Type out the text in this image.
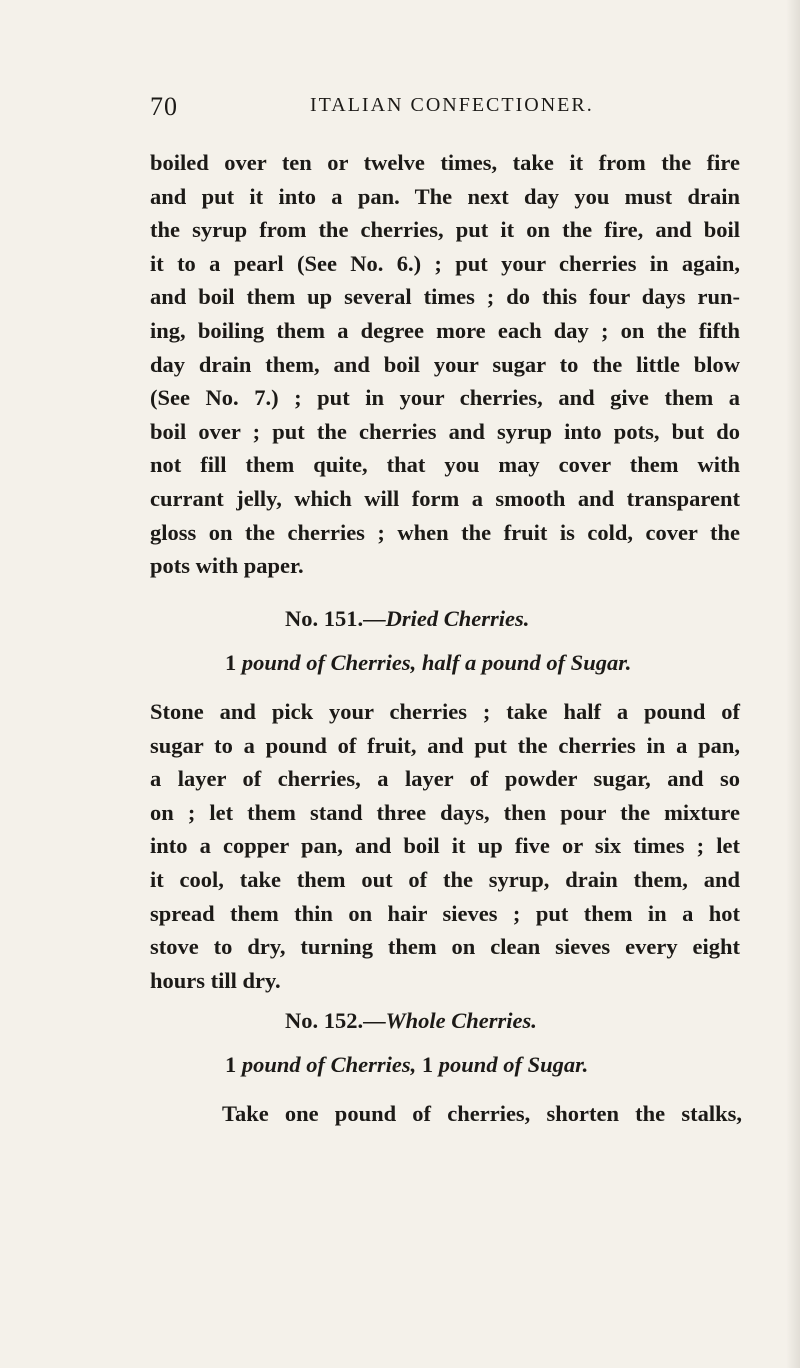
70	ITALIAN CONFECTIONER.
boiled over ten or twelve times, take it from the fire
and put it into a pan. The next day you must drain
the syrup from the cherries, put it on the fire, and boil
it to a pearl (See No. 6.) ; put your cherries in again,
and boil them up several times ; do this four days run-
ing, boiling them a degree more each day ; on the fifth
day drain them, and boil your sugar to the little blow
(See No. 7.) ; put in your cherries, and give them a
boil over ; put the cherries and syrup into pots, but do
not fill them quite, that you may cover them with
currant jelly, which will form a smooth and transparent
gloss on the cherries ; when the fruit is cold, cover the
pots with paper.
No. 151.—Dried Cherries.
1 pound of Cherries, half a pound of Sugar.
Stone and pick your cherries ; take half a pound of
sugar to a pound of fruit, and put the cherries in a pan,
a layer of cherries, a layer of powder sugar, and so
on ; let them stand three days, then pour the mixture
into a copper pan, and boil it up five or six times ; let
it cool, take them out of the syrup, drain them, and
spread them thin on hair sieves ; put them in a hot
stove to dry, turning them on clean sieves every eight
hours till dry.
No. 152.—Whole Cherries.
1 pound of Cherries, 1 pound of Sugar.
Take one pound of cherries, shorten the stalks,
